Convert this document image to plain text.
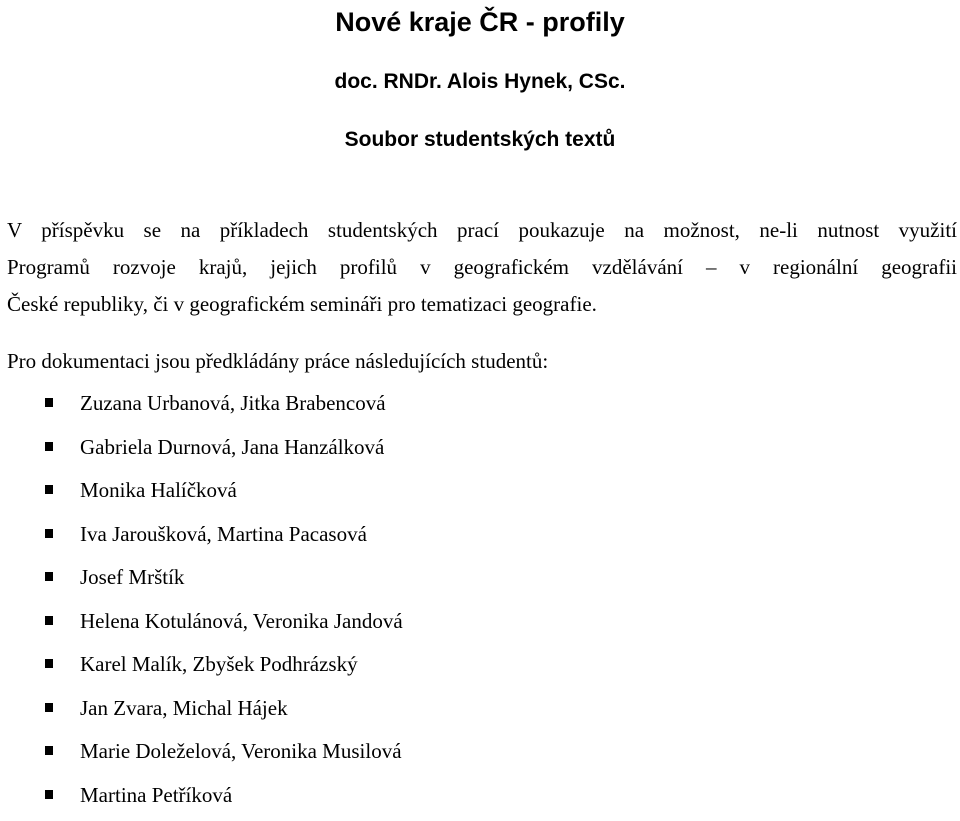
Nové kraje ČR - profily
doc. RNDr. Alois Hynek, CSc.
Soubor studentských textů
V příspěvku se na příkladech studentských prací poukazuje na možnost, ne-li nutnost využití
Programů rozvoje krajů, jejich profilů v geografickém vzdělávání – v regionální geografii
České republiky, či v geografickém semináři pro tematizaci geografie.
Pro dokumentaci jsou předkládány práce následujících studentů:
Zuzana Urbanová, Jitka Brabencová
Gabriela Durnová, Jana Hanzálková
Monika Halíčková
Iva Jaroušková, Martina Pacasová
Josef Mrštík
Helena Kotulánová, Veronika Jandová
Karel Malík, Zbyšek Podhrázský
Jan Zvara, Michal Hájek
Marie Doleželová, Veronika Musilová
Martina Petříková
